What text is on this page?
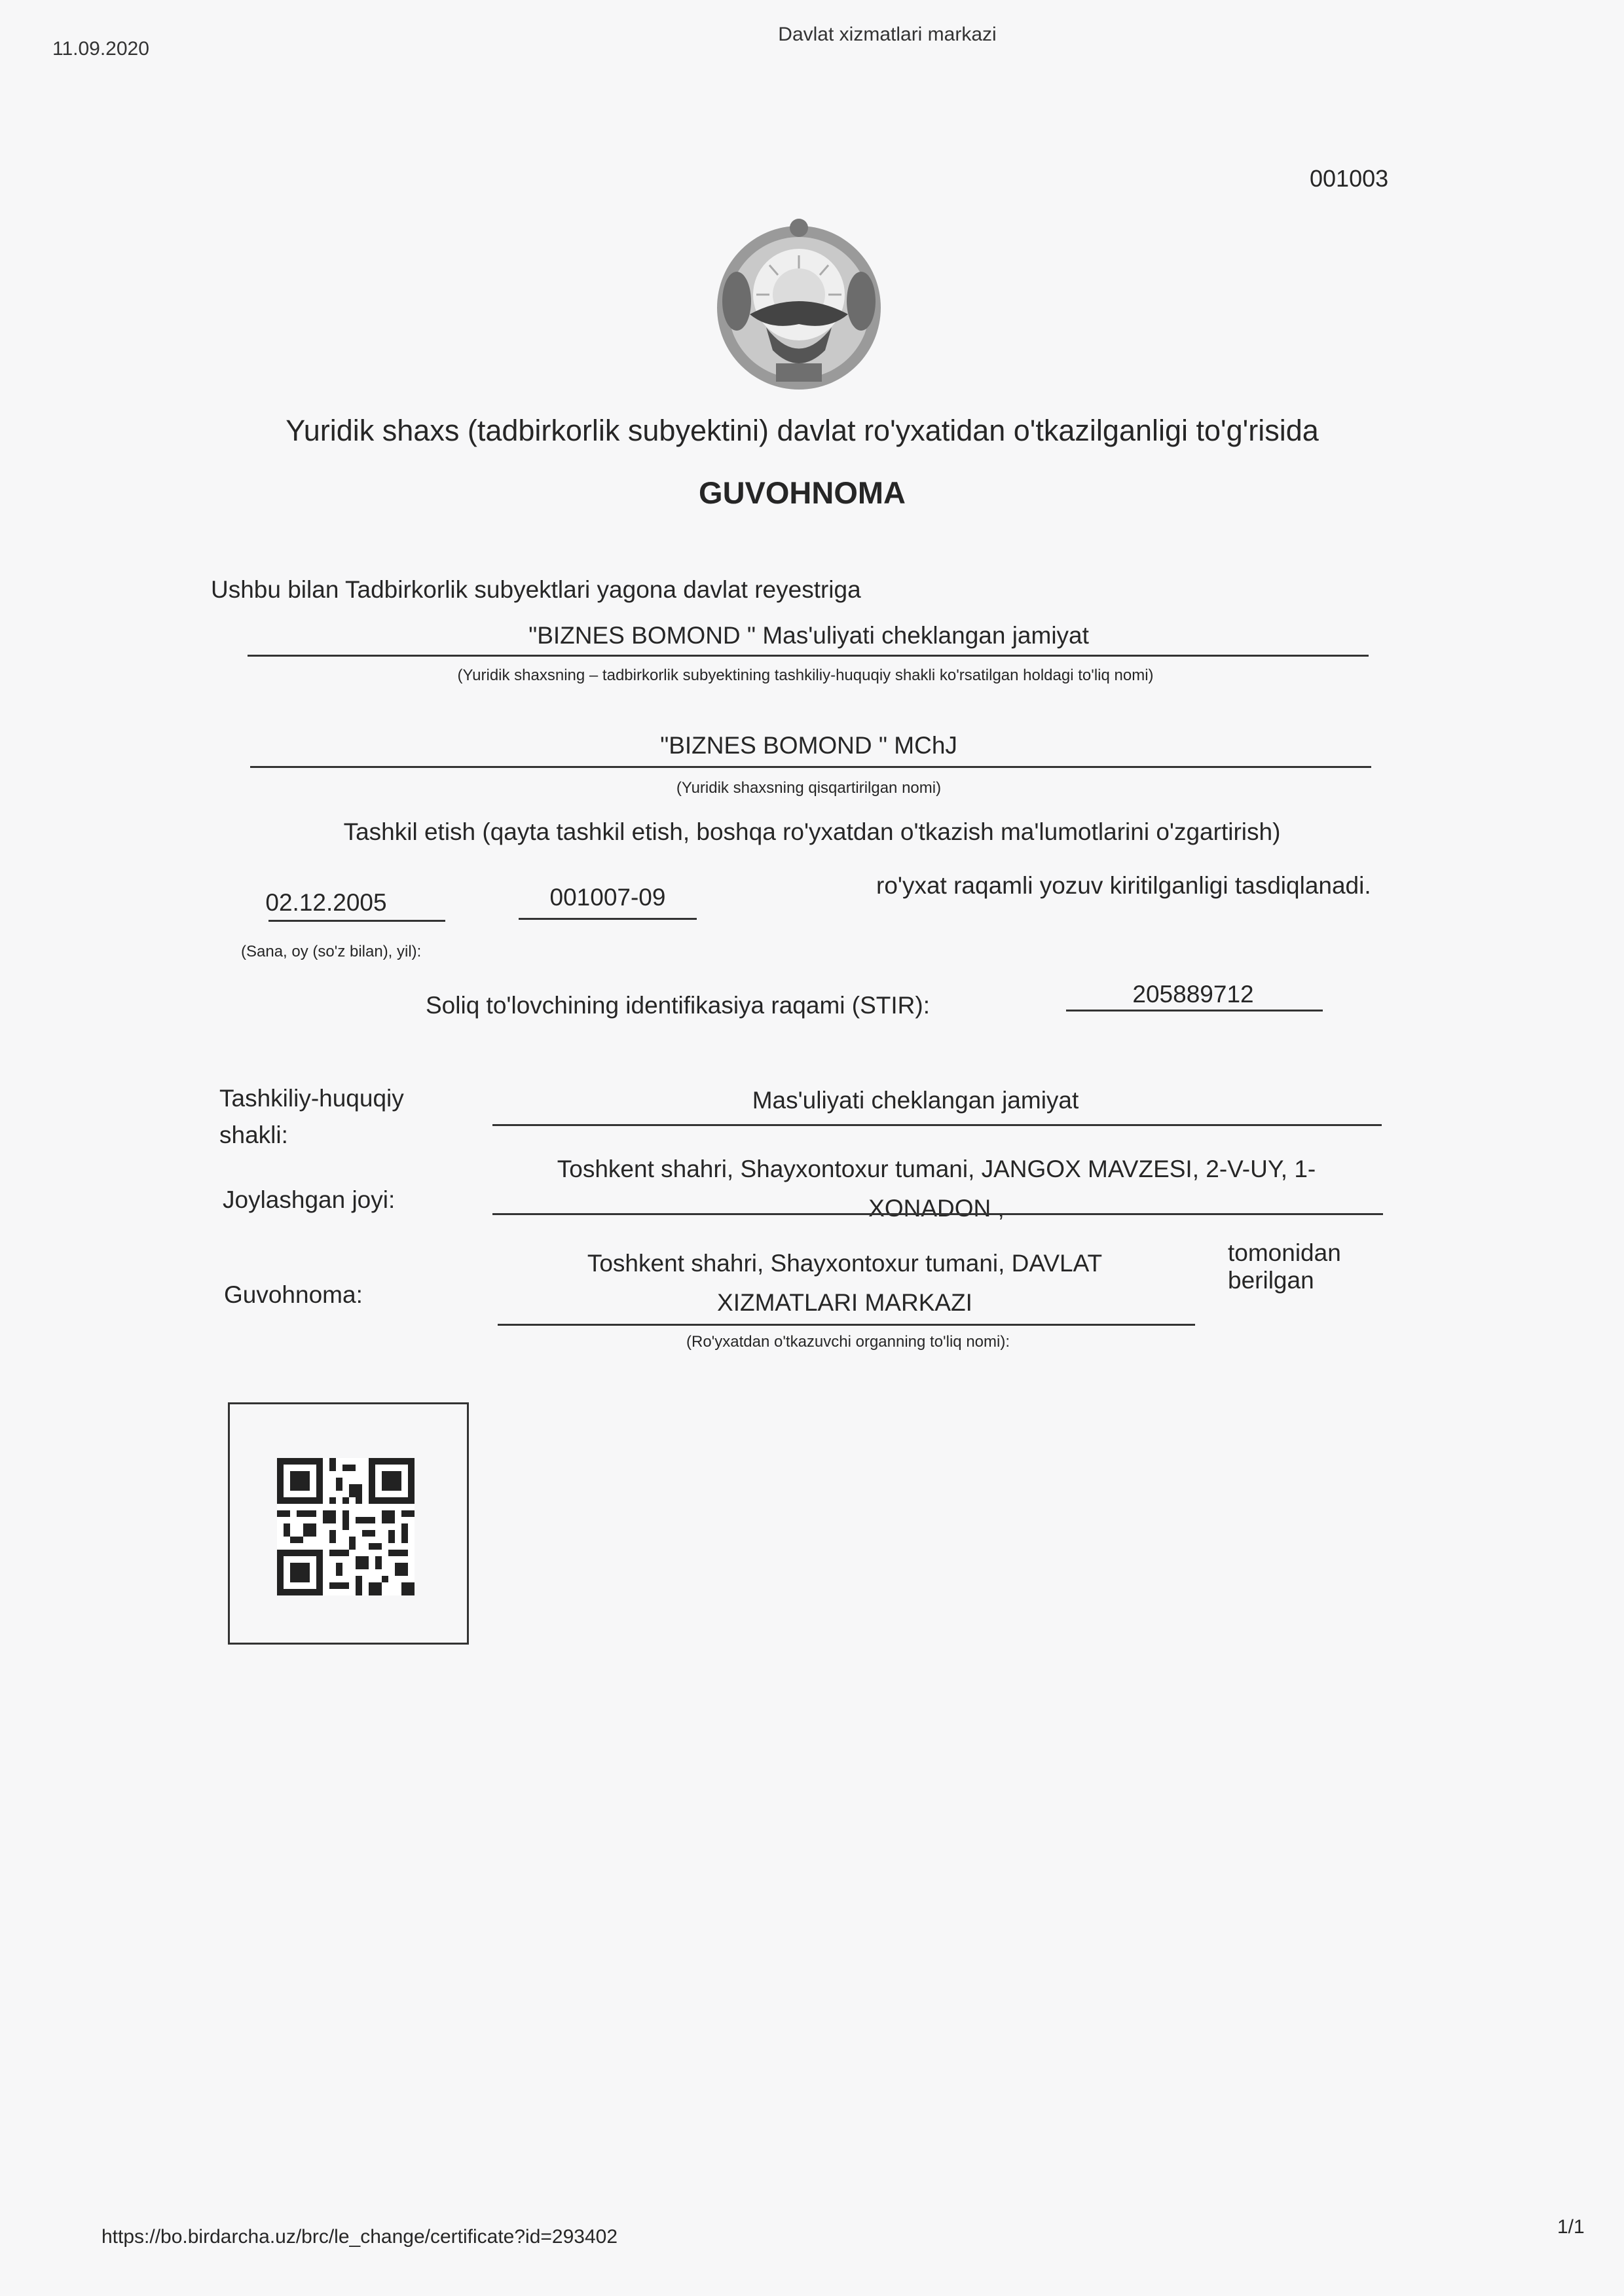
11.09.2020
Davlat xizmatlari markazi
001003
Yuridik shaxs (tadbirkorlik subyektini) davlat ro'yxatidan o'tkazilganligi to'g'risida
GUVOHNOMA
Ushbu bilan Tadbirkorlik subyektlari yagona davlat reyestriga
"BIZNES BOMOND " Mas'uliyati cheklangan jamiyat
(Yuridik shaxsning – tadbirkorlik subyektining tashkiliy-huquqiy shakli ko'rsatilgan holdagi to'liq nomi)
"BIZNES BOMOND " MChJ
(Yuridik shaxsning qisqartirilgan nomi)
Tashkil etish (qayta tashkil etish, boshqa ro'yxatdan o'tkazish ma'lumotlarini o'zgartirish)
02.12.2005	001007-09	ro'yxat raqamli yozuv kiritilganligi tasdiqlanadi.
(Sana, oy (so'z bilan), yil):
Soliq to'lovchining identifikasiya raqami (STIR):	205889712
Tashkiliy-huquqiy shakli:
Mas'uliyati cheklangan jamiyat
Joylashgan joyi:
Toshkent shahri, Shayxontoxur tumani, JANGOX MAVZESI, 2-V-UY, 1-XONADON ,
Guvohnoma:
Toshkent shahri, Shayxontoxur tumani, DAVLAT XIZMATLARI MARKAZI
tomonidan berilgan
(Ro'yxatdan o'tkazuvchi organning to'liq nomi):
https://bo.birdarcha.uz/brc/le_change/certificate?id=293402	1/1
